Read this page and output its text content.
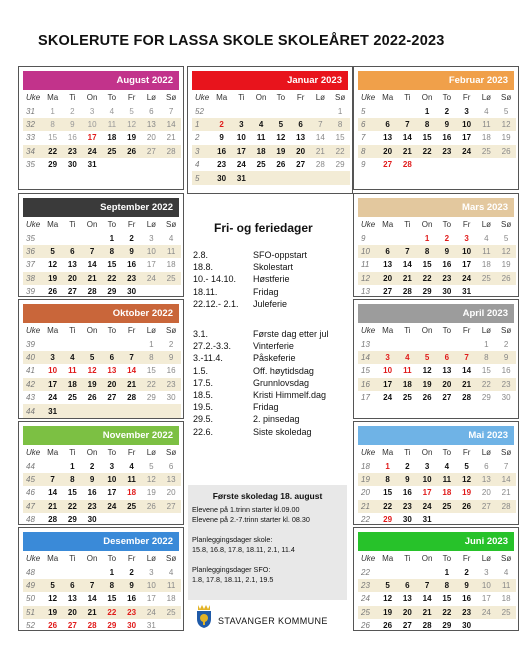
SKOLERUTE FOR LASSA SKOLE SKOLEÅRET 2022-2023
August 2022
Uke	Ma	Ti	On	To	Fr	Lø	Sø
31	1	2	3	4	5	6	7
32	8	9	10	11	12	13	14
33	15	16	17	18	19	20	21
34	22	23	24	25	26	27	28
35	29	30	31				
September 2022
Uke	Ma	Ti	On	To	Fr	Lø	Sø
35				1	2	3	4
36	5	6	7	8	9	10	11
37	12	13	14	15	16	17	18
38	19	20	21	22	23	24	25
39	26	27	28	29	30		
Oktober 2022
Uke	Ma	Ti	On	To	Fr	Lø	Sø
39						1	2
40	3	4	5	6	7	8	9
41	10	11	12	13	14	15	16
42	17	18	19	20	21	22	23
43	24	25	26	27	28	29	30
44	31						
November 2022
Uke	Ma	Ti	On	To	Fr	Lø	Sø
44		1	2	3	4	5	6
45	7	8	9	10	11	12	13
46	14	15	16	17	18	19	20
47	21	22	23	24	25	26	27
48	28	29	30				
Desember 2022
Uke	Ma	Ti	On	To	Fr	Lø	Sø
48				1	2	3	4
49	5	6	7	8	9	10	11
50	12	13	14	15	16	17	18
51	19	20	21	22	23	24	25
52	26	27	28	29	30	31	
Januar 2023
Uke	Ma	Ti	On	To	Fr	Lø	Sø
52							1
1	2	3	4	5	6	7	8
2	9	10	11	12	13	14	15
3	16	17	18	19	20	21	22
4	23	24	25	26	27	28	29
5	30	31					
Februar 2023
Uke	Ma	Ti	On	To	Fr	Lø	Sø
5			1	2	3	4	5
6	6	7	8	9	10	11	12
7	13	14	15	16	17	18	19
8	20	21	22	23	24	25	26
9	27	28					
Mars 2023
Uke	Ma	Ti	On	To	Fr	Lø	Sø
9			1	2	3	4	5
10	6	7	8	9	10	11	12
11	13	14	15	16	17	18	19
12	20	21	22	23	24	25	26
13	27	28	29	30	31		
April 2023
Uke	Ma	Ti	On	To	Fr	Lø	Sø
13						1	2
14	3	4	5	6	7	8	9
15	10	11	12	13	14	15	16
16	17	18	19	20	21	22	23
17	24	25	26	27	28	29	30
Mai 2023
Uke	Ma	Ti	On	To	Fr	Lø	Sø
18	1	2	3	4	5	6	7
19	8	9	10	11	12	13	14
20	15	16	17	18	19	20	21
21	22	23	24	25	26	27	28
22	29	30	31				
Juni 2023
Uke	Ma	Ti	On	To	Fr	Lø	Sø
22				1	2	3	4
23	5	6	7	8	9	10	11
24	12	13	14	15	16	17	18
25	19	20	21	22	23	24	25
26	26	27	28	29	30		
Fri- og feriedager
2.8.	SFO-oppstart
18.8.	Skolestart
10.- 14.10. Høstferie
18.11.	Fridag
22.12.- 2.1. Juleferie
3.1.	Første dag etter jul
27.2.-3.3. Vinterferie
3.-11.4.	Påskeferie
1.5.	Off. høytidsdag
17.5.	Grunnlovsdag
18.5.	Kristi Himmelf.dag
19.5.	Fridag
29.5.	2. pinsedag
22.6.	Siste skoledag
Første skoledag 18. august

Elevene på 1.trinn starter kl.09.00

Elevene på 2.-7.trinn starter kl. 08.30

Planleggingsdager skole:

15.8, 16.8, 17.8, 18.11, 2.1, 11.4

Planleggingsdager SFO:

1.8, 17.8, 18.11, 2.1, 19.5

STAVANGER KOMMUNE
